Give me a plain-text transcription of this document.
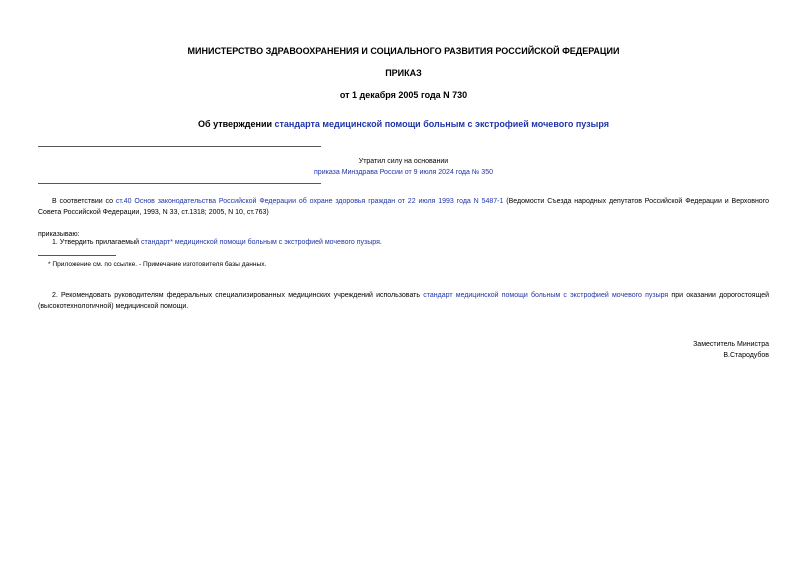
МИНИСТЕРСТВО ЗДРАВООХРАНЕНИЯ И СОЦИАЛЬНОГО РАЗВИТИЯ РОССИЙСКОЙ ФЕДЕРАЦИИ
ПРИКАЗ
от 1 декабря 2005 года N 730
Об утверждении стандарта медицинской помощи больным с экстрофией мочевого пузыря
Утратил силу на основании
приказа Минздрава России от 9 июля 2024 года № 350
В соответствии со ст.40 Основ законодательства Российской Федерации об охране здоровья граждан от 22 июля 1993 года N 5487-1 (Ведомости Съезда народных депутатов Российской Федерации и Верховного Совета Российской Федерации, 1993, N 33, ст.1318; 2005, N 10, ст.763)
приказываю:
1. Утвердить прилагаемый стандарт* медицинской помощи больным с экстрофией мочевого пузыря.
* Приложение см. по ссылке. - Примечание изготовителя базы данных.
2. Рекомендовать руководителям федеральных специализированных медицинских учреждений использовать стандарт медицинской помощи больным с экстрофией мочевого пузыря при оказании дорогостоящей (высокотехнологичной) медицинской помощи.
Заместитель Министра
В.Стародубов
